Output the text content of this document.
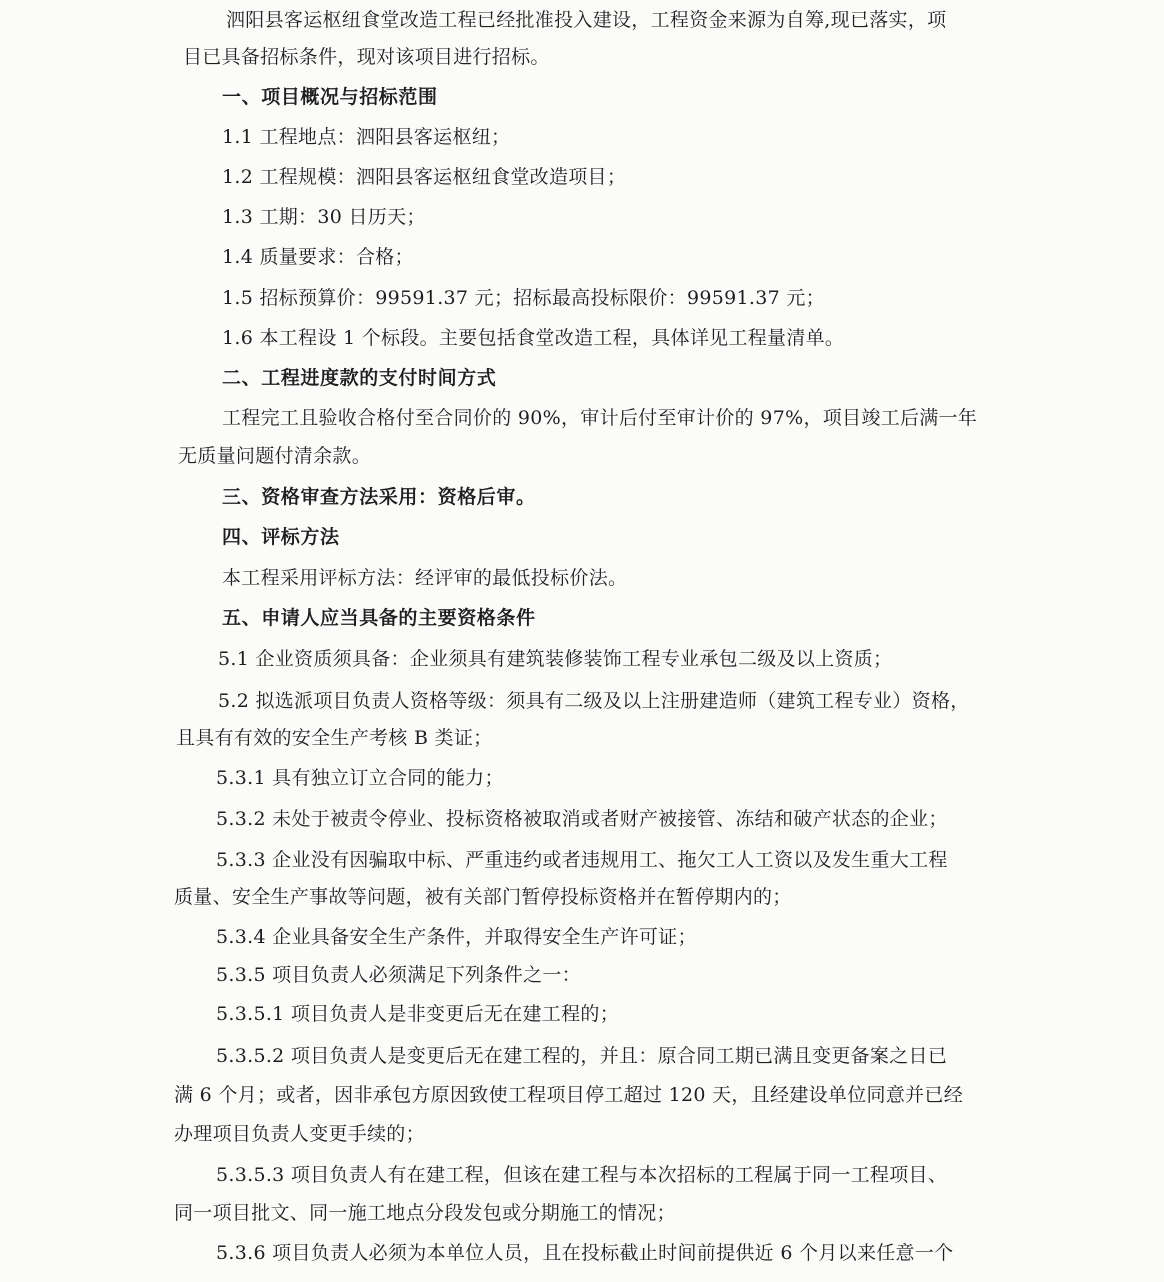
泗阳县客运枢纽食堂改造工程已经批准投入建设，工程资金来源为自筹,现已落实，项
目已具备招标条件，现对该项目进行招标。
一、项目概况与招标范围
1.1 工程地点：泗阳县客运枢纽；
1.2 工程规模：泗阳县客运枢纽食堂改造项目；
1.3 工期：30 日历天；
1.4 质量要求：合格；
1.5 招标预算价：99591.37 元；招标最高投标限价：99591.37 元；
1.6 本工程设 1 个标段。主要包括食堂改造工程，具体详见工程量清单。
二、工程进度款的支付时间方式
工程完工且验收合格付至合同价的 90%，审计后付至审计价的 97%，项目竣工后满一年
无质量问题付清余款。
三、资格审查方法采用：资格后审。
四、评标方法
本工程采用评标方法：经评审的最低投标价法。
五、申请人应当具备的主要资格条件
5.1 企业资质须具备：企业须具有建筑装修装饰工程专业承包二级及以上资质；
5.2 拟选派项目负责人资格等级：须具有二级及以上注册建造师（建筑工程专业）资格，
且具有有效的安全生产考核 B 类证；
5.3.1 具有独立订立合同的能力；
5.3.2 未处于被责令停业、投标资格被取消或者财产被接管、冻结和破产状态的企业；
5.3.3 企业没有因骗取中标、严重违约或者违规用工、拖欠工人工资以及发生重大工程
质量、安全生产事故等问题，被有关部门暂停投标资格并在暂停期内的；
5.3.4 企业具备安全生产条件，并取得安全生产许可证；
5.3.5 项目负责人必须满足下列条件之一：
5.3.5.1 项目负责人是非变更后无在建工程的；
5.3.5.2 项目负责人是变更后无在建工程的，并且：原合同工期已满且变更备案之日已
满 6 个月；或者，因非承包方原因致使工程项目停工超过 120 天，且经建设单位同意并已经
办理项目负责人变更手续的；
5.3.5.3 项目负责人有在建工程，但该在建工程与本次招标的工程属于同一工程项目、
同一项目批文、同一施工地点分段发包或分期施工的情况；
5.3.6 项目负责人必须为本单位人员，且在投标截止时间前提供近 6 个月以来任意一个
